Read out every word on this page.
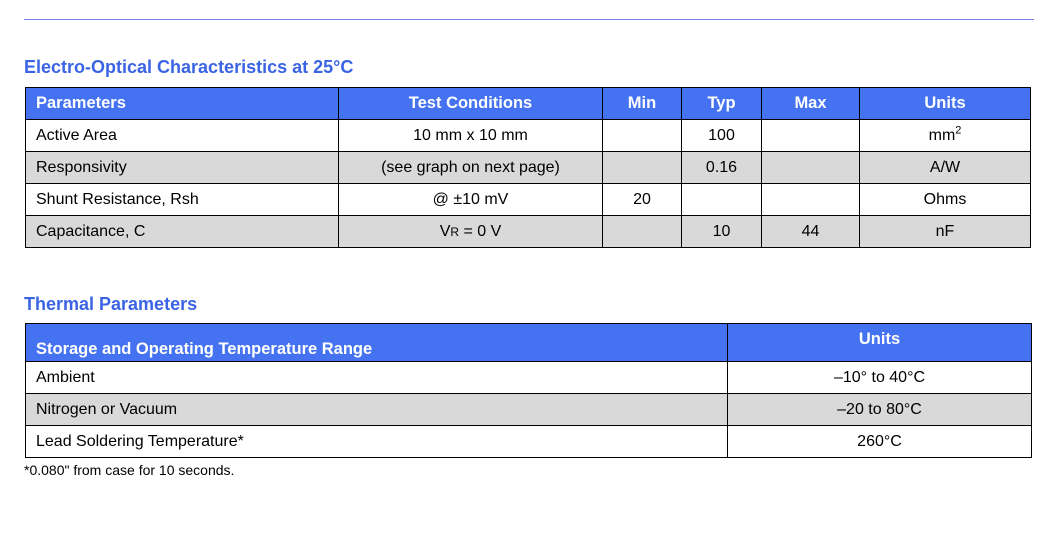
Electro-Optical Characteristics at 25°C
Parameters	Test Conditions	Min	Typ	Max	Units
Active Area	10 mm x 10 mm		100		$mm^2$
Responsivity	(see graph on next page)		0.16		A/W
Shunt Resistance, Rsh	@ ±10 mV	20			Ohms
Capacitance, C	VR = 0 V		10	44	nF
Thermal Parameters
Storage and Operating Temperature Range	Units
Ambient	–10° to 40°C
Nitrogen or Vacuum	–20 to 80°C
Lead Soldering Temperature*	260°C

*0.080" from case for 10 seconds.
